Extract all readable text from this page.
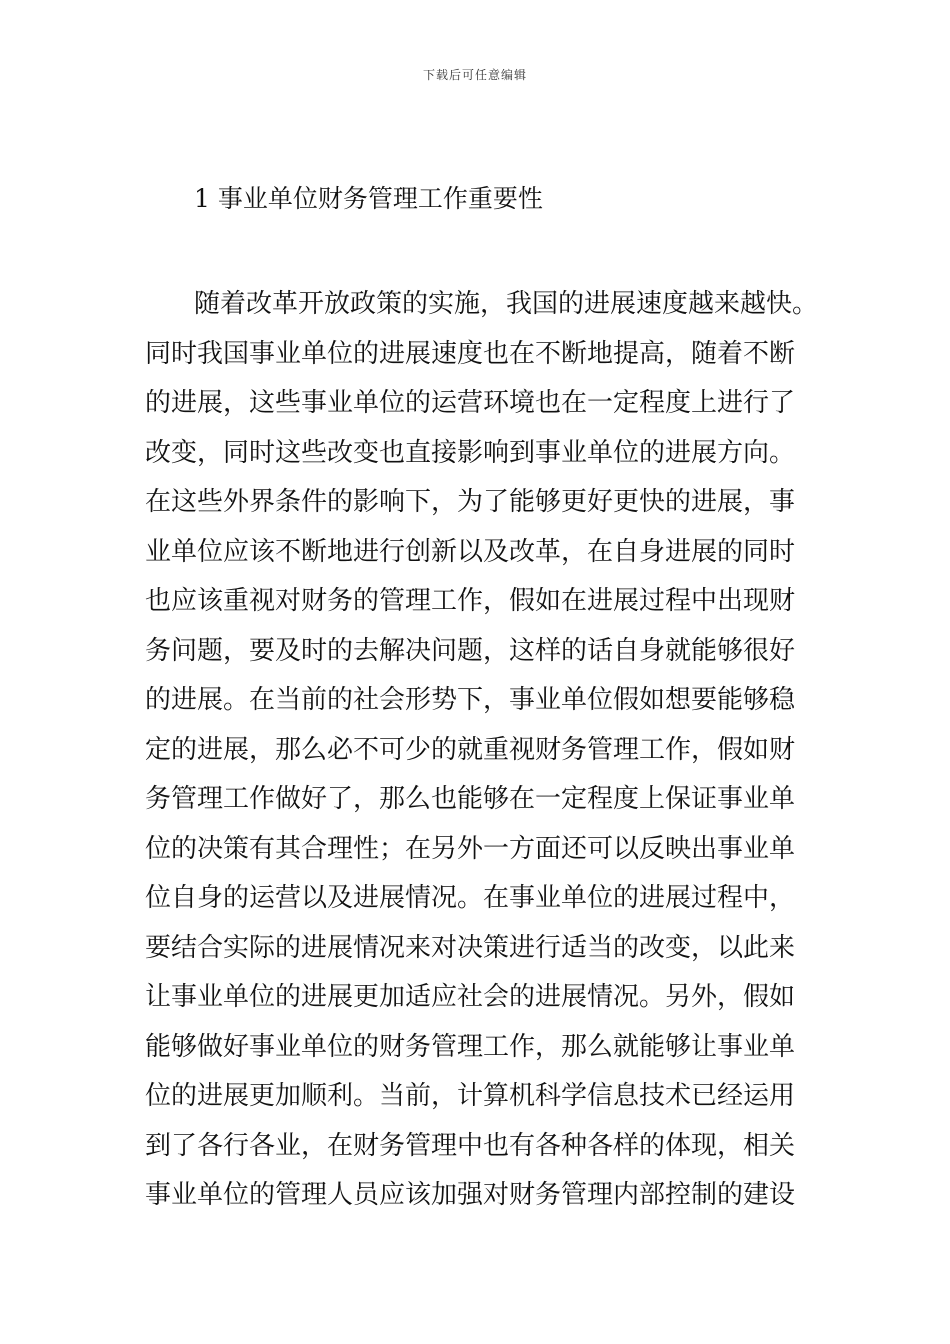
下载后可任意编辑
1 事业单位财务管理工作重要性
随着改革开放政策的实施，我国的进展速度越来越快。
同时我国事业单位的进展速度也在不断地提高，随着不断
的进展，这些事业单位的运营环境也在一定程度上进行了
改变，同时这些改变也直接影响到事业单位的进展方向。
在这些外界条件的影响下，为了能够更好更快的进展，事
业单位应该不断地进行创新以及改革，在自身进展的同时
也应该重视对财务的管理工作，假如在进展过程中出现财
务问题，要及时的去解决问题，这样的话自身就能够很好
的进展。在当前的社会形势下，事业单位假如想要能够稳
定的进展，那么必不可少的就重视财务管理工作，假如财
务管理工作做好了，那么也能够在一定程度上保证事业单
位的决策有其合理性；在另外一方面还可以反映出事业单
位自身的运营以及进展情况。在事业单位的进展过程中，
要结合实际的进展情况来对决策进行适当的改变，以此来
让事业单位的进展更加适应社会的进展情况。另外，假如
能够做好事业单位的财务管理工作，那么就能够让事业单
位的进展更加顺利。当前，计算机科学信息技术已经运用
到了各行各业，在财务管理中也有各种各样的体现，相关
事业单位的管理人员应该加强对财务管理内部控制的建设
